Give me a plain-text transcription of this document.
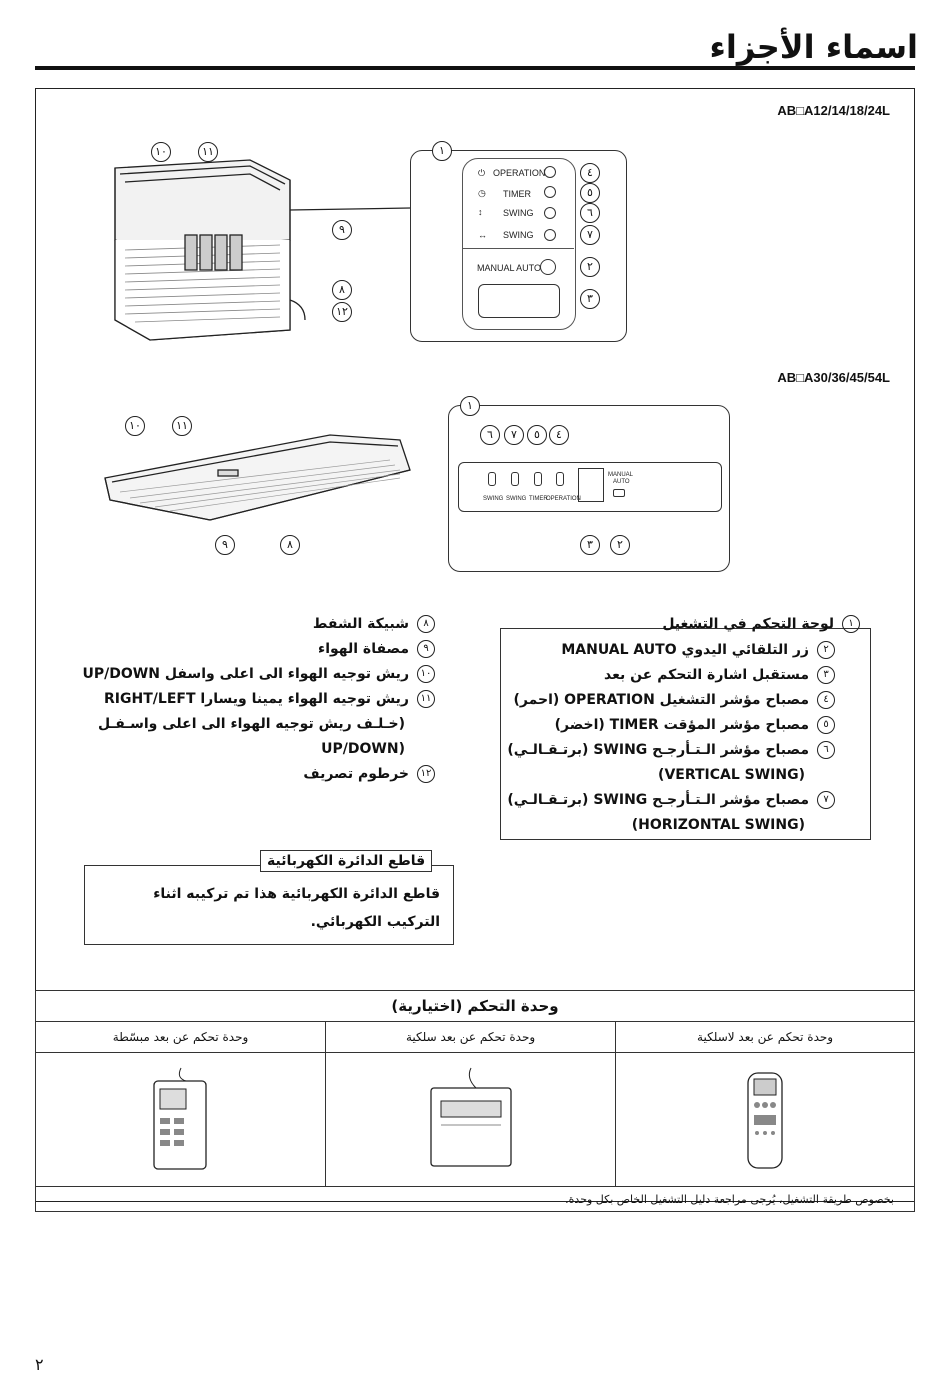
اسماء الأجزاء
AB□A12/14/18/24L
١٠	١١
٩
٨
١٢
١
⏻ OPERATION	٤
◷ TIMER	٥
↕ SWING	٦
↔ SWING	٧
MANUAL AUTO	٢
٣
AB□A30/36/45/54L
١٠	١١
٩	٨
١
٦	٧	٥	٤
SWING SWING TIMER
OPERATION
MANUAL
AUTO
٣	٢
١لوحة التحكم في التشغيل
٢زر التلقائي اليدوي MANUAL AUTO
٣مستقبل اشارة التحكم عن بعد
٤مصباح مؤشر التشغيل OPERATION (احمر)
٥مصباح مؤشر المؤقت TIMER (اخضر)
٦مصباح مؤشر الـتـأرجـح SWING (برتـقـالـي)
(VERTICAL SWING)
٧مصباح مؤشر الـتـأرجـح SWING (برتـقـالـي)
(HORIZONTAL SWING)
٨شبيكة الشفط
٩مصفاة الهواء
١٠ريش توجيه الهواء الى اعلى واسفل UP/DOWN
١١ريش توجيه الهواء يمينا ويسارا RIGHT/LEFT
(خـلـف ريش توجيه الهواء الى اعلى واسـفـل
(UP/DOWN
١٢خرطوم تصريف
قاطع الدائرة الكهربائية
قاطع الدائرة الكهربائية هذا تم تركيبه اثناء
التركيب الكهربائي.
وحدة التحكم (اختيارية)		
وحدة تحكم عن بعد مبسّطة	وحدة تحكم عن بعد سلكية	وحدة تحكم عن بعد لاسلكية

بخصوص طريقة التشغيل، يُرجى مراجعة دليل التشغيل الخاص بكل وحدة.		
٢
